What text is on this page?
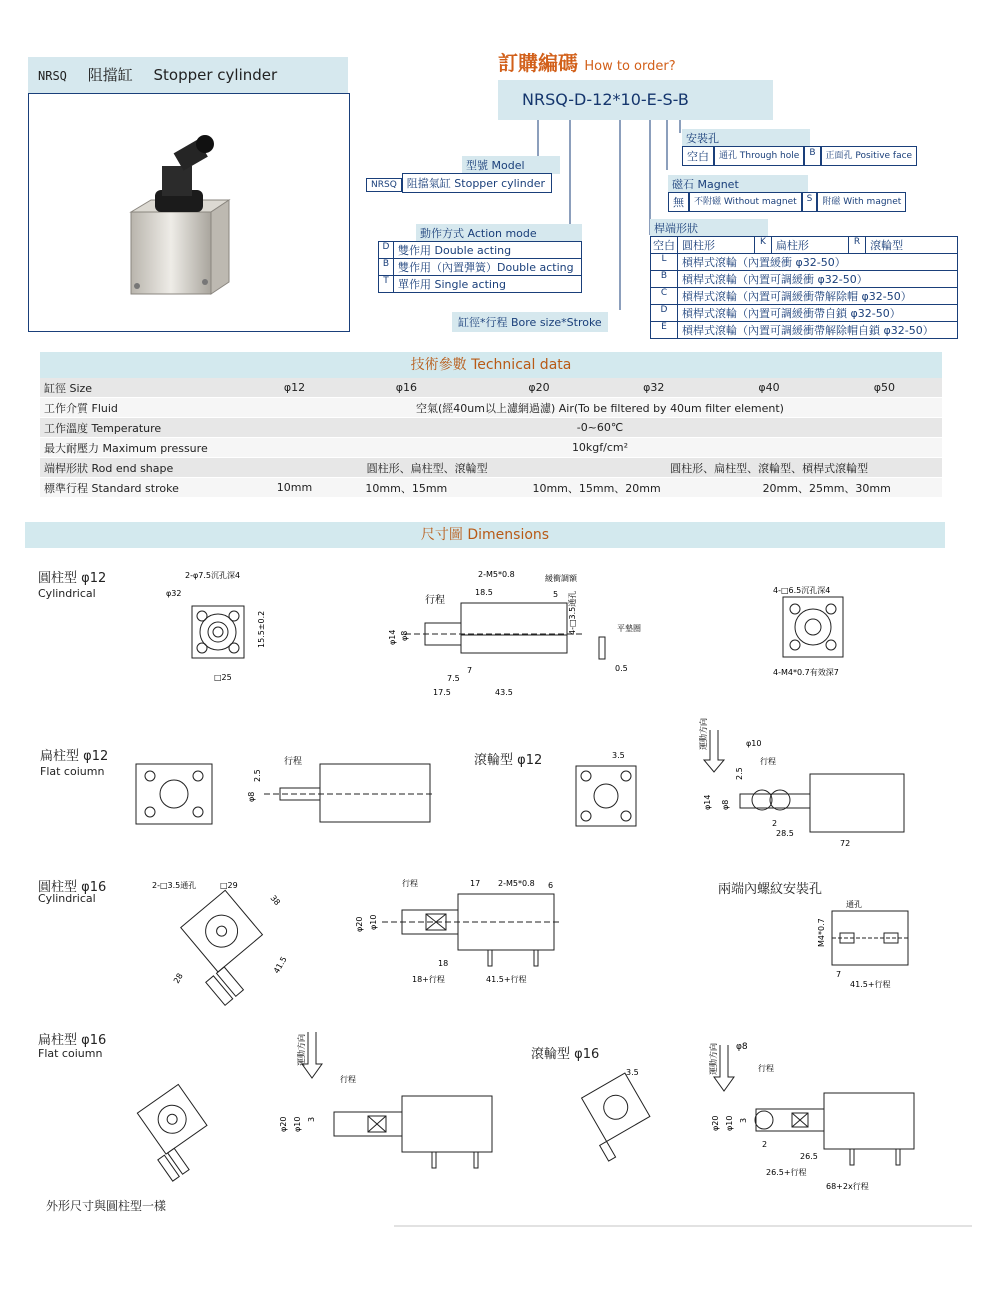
NRSQ 阻擋缸 Stopper cylinder	訂購編碼 How to order?
NRSQ-D-12*10-E-S-B
型號 Model
NRSQ 阻擋氣缸 Stopper cylinder
動作方式 Action mode
D 雙作用 Double acting
B 雙作用（內置彈簧）Double acting
T 單作用 Single acting
缸徑*行程 Bore size*Stroke
安裝孔
空白	通孔 Through hole	B	正面孔 Positive face
磁石 Magnet
無	不附磁 Without magnet	S	附磁 With magnet
桿端形狀
空白 圓柱形	K 扁柱形	R 滾輪型
L	槓桿式滾輪（內置緩衝 φ32-50）
B	槓桿式滾輪（內置可調緩衝 φ32-50）
C	槓桿式滾輪（內置可調緩衝帶解除帽 φ32-50）
D	槓桿式滾輪（內置可調緩衝帶自鎖 φ32-50）
E	槓桿式滾輪（內置可調緩衝帶解除帽自鎖 φ32-50）
技術參數 Technical data
缸徑 Size	φ12	φ16	φ20	φ32	φ40	φ50
工作介質 Fluid	空氣(經40um以上濾網過濾) Air(To be filtered by 40um filter element)					
工作溫度 Temperature	-0~60℃					
最大耐壓力 Maximum pressure	10kgf/cm²					
端桿形狀 Rod end shape	圓柱形、扁柱型、滾輪型			圓柱形、扁柱型、滾輪型、槓桿式滾輪型		
標準行程 Standard stroke	10mm	10mm、15mm	10mm、15mm、20mm		20mm、25mm、30mm	
尺寸圖 Dimensions
圓柱型 φ12
Cylindrical
扁柱型 φ12
Flat coiumn
滾輪型 φ12
圓柱型 φ16
Cylindrical
兩端內螺紋安裝孔
扁柱型 φ16
Flat coiumn	滾輪型 φ16
外形尺寸與圓柱型一樣
2-φ7.5沉孔深4
φ32
□25
15.5±0.2
2-M5*0.8	緩衝調額
行程
18.5	5 4-□3.5通孔	平墊圈
φ14 φ8
7
7.5
17.5	43.5
0.5
4-□6.5沉孔深4
4-M4*0.7有效深7
行程
2.5
φ8
3.5
運動方向	φ10
行程
2.5
φ14 φ8
2
28.5
72
2-□3.5通孔	□29
38
41.5
28
行程	17 2-M5*0.8 6
φ20 φ10
18
18+行程	41.5+行程
通孔
M4*0.7
7
41.5+行程
運動方向
行程
φ20 φ10 3
3.5	運動方向 φ8
行程
φ20 φ10 3
2
26.5
26.5+行程
68+2x行程
